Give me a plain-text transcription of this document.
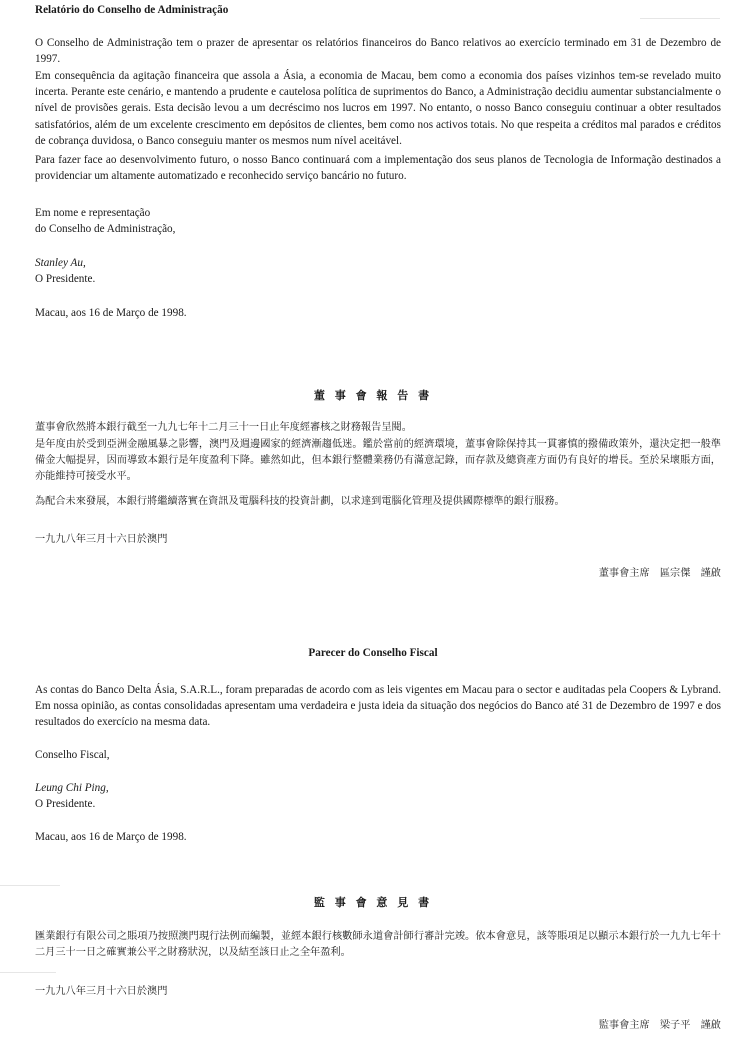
Relatório do Conselho de Administração

O Conselho de Administração tem o prazer de apresentar os relatórios financeiros do Banco relativos ao exercício terminado em 31 de Dezembro de 1997.

Em consequência da agitação financeira que assola a Ásia, a economia de Macau, bem como a economia dos países vizinhos tem-se revelado muito incerta. Perante este cenário, e mantendo a prudente e cautelosa política de suprimentos do Banco, a Administração decidiu aumentar substancialmente o nível de provisões gerais. Esta decisão levou a um decréscimo nos lucros em 1997. No entanto, o nosso Banco conseguiu continuar a obter resultados satisfatórios, além de um excelente crescimento em depósitos de clientes, bem como nos activos totais. No que respeita a créditos mal parados e créditos de cobrança duvidosa, o Banco conseguiu manter os mesmos num nível aceitável.

Para fazer face ao desenvolvimento futuro, o nosso Banco continuará com a implementação dos seus planos de Tecnologia de Informação destinados a providenciar um altamente automatizado e reconhecido serviço bancário no futuro.

Em nome e representação
do Conselho de Administração,
Stanley Au,
O Presidente.
Macau, aos 16 de Março de 1998.
董 事 會 報 告 書

董事會欣然將本銀行截至一九九七年十二月三十一日止年度經審核之財務報告呈閱。

是年度由於受到亞洲金融風暴之影響，澳門及週邊國家的經濟漸趨低迷。鑑於當前的經濟環境，董事會除保持其一貫審慎的撥備政策外，還決定把一般準備金大幅提昇，因而導致本銀行是年度盈利下降。雖然如此，但本銀行整體業務仍有滿意記錄，而存款及總資產方面仍有良好的增長。至於呆壞賬方面，亦能維持可接受水平。

為配合未來發展，本銀行將繼續落實在資訊及電腦科技的投資計劃，以求達到電腦化管理及提供國際標準的銀行服務。

一九九八年三月十六日於澳門
董事會主席　區宗傑　謹啟
Parecer do Conselho Fiscal

As contas do Banco Delta Ásia, S.A.R.L., foram preparadas de acordo com as leis vigentes em Macau para o sector e auditadas pela Coopers & Lybrand. Em nossa opinião, as contas consolidadas apresentam uma verdadeira e justa ideia da situação dos negócios do Banco até 31 de Dezembro de 1997 e dos resultados do exercício na mesma data.

Conselho Fiscal,
Leung Chi Ping,
O Presidente.
Macau, aos 16 de Março de 1998.
監 事 會 意 見 書

匯業銀行有限公司之賬項乃按照澳門現行法例而編製，並經本銀行核數師永道會計師行審計完竣。依本會意見，該等賬項足以顯示本銀行於一九九七年十二月三十一日之確實兼公平之財務狀況，以及結至該日止之全年盈利。

一九九八年三月十六日於澳門
監事會主席　梁子平　謹啟
